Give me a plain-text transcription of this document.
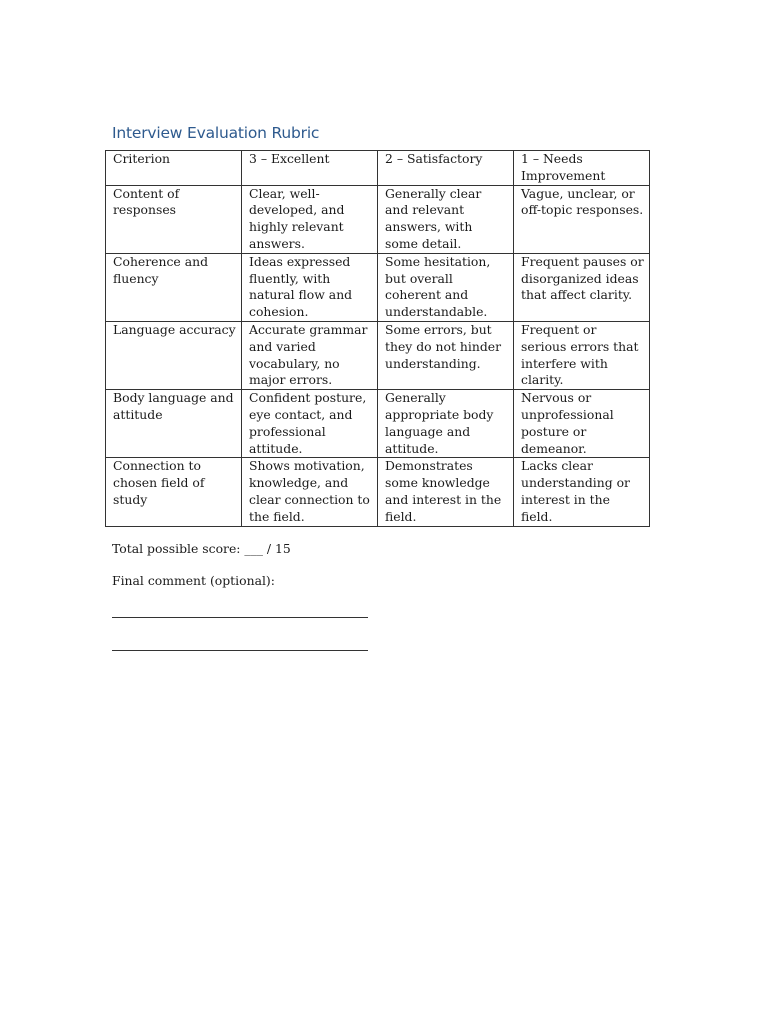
Interview Evaluation Rubric
Criterion	3 – Excellent	2 – Satisfactory	1 – Needs Improvement
Content of responses	Clear, well-developed, and highly relevant answers.	Generally clear and relevant answers, with some detail.	Vague, unclear, or off-topic responses.
Coherence and fluency	Ideas expressed fluently, with natural flow and cohesion.	Some hesitation, but overall coherent and understandable.	Frequent pauses or disorganized ideas that affect clarity.
Language accuracy	Accurate grammar and varied vocabulary, no major errors.	Some errors, but they do not hinder understanding.	Frequent or serious errors that interfere with clarity.
Body language and attitude	Confident posture, eye contact, and professional attitude.	Generally appropriate body language and attitude.	Nervous or unprofessional posture or demeanor.
Connection to chosen field of study	Shows motivation, knowledge, and clear connection to the field.	Demonstrates some knowledge and interest in the field.	Lacks clear understanding or interest in the field.
Total possible score: ___ / 15
Final comment (optional):
